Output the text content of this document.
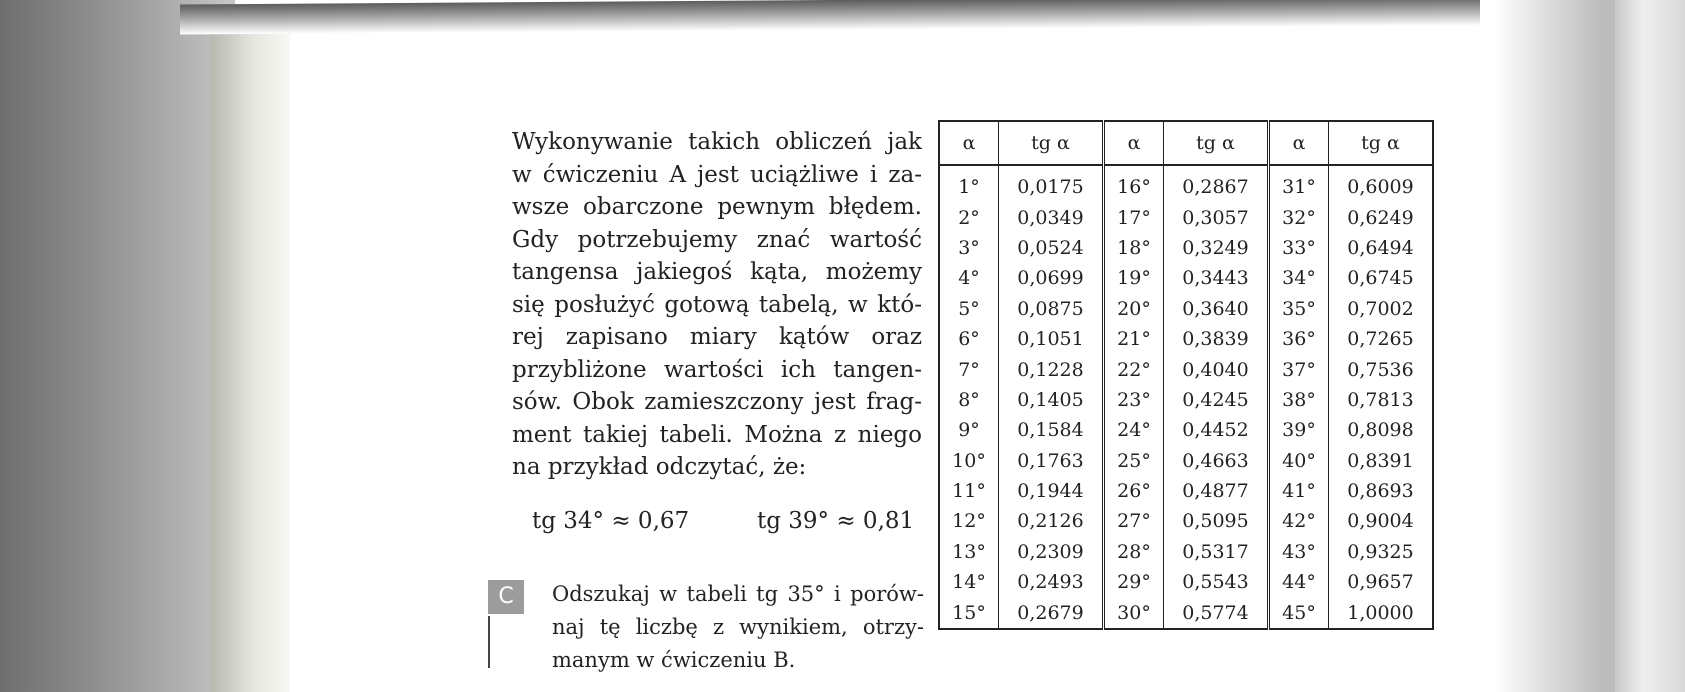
Wykonywanie takich obliczeń jak
w ćwiczeniu A jest uciążliwe i za-
wsze obarczone pewnym błędem.
Gdy potrzebujemy znać wartość
tangensa jakiegoś kąta, możemy
się posłużyć gotową tabelą, w któ-
rej zapisano miary kątów oraz
przybliżone wartości ich tangen-
sów. Obok zamieszczony jest frag-
ment takiej tabeli. Można z niego
na przykład odczytać, że:
tg 34° ≈ 0,67	tg 39° ≈ 0,81
C	Odszukaj w tabeli tg 35° i porów-
naj tę liczbę z wynikiem, otrzy-
manym w ćwiczeniu B.
α	tg α	α	tg α	α	tg α
1°	0,0175	16°	0,2867	31°	0,6009
2°	0,0349	17°	0,3057	32°	0,6249
3°	0,0524	18°	0,3249	33°	0,6494
4°	0,0699	19°	0,3443	34°	0,6745
5°	0,0875	20°	0,3640	35°	0,7002
6°	0,1051	21°	0,3839	36°	0,7265
7°	0,1228	22°	0,4040	37°	0,7536
8°	0,1405	23°	0,4245	38°	0,7813
9°	0,1584	24°	0,4452	39°	0,8098
10°	0,1763	25°	0,4663	40°	0,8391
11°	0,1944	26°	0,4877	41°	0,8693
12°	0,2126	27°	0,5095	42°	0,9004
13°	0,2309	28°	0,5317	43°	0,9325
14°	0,2493	29°	0,5543	44°	0,9657
15°	0,2679	30°	0,5774	45°	1,0000
